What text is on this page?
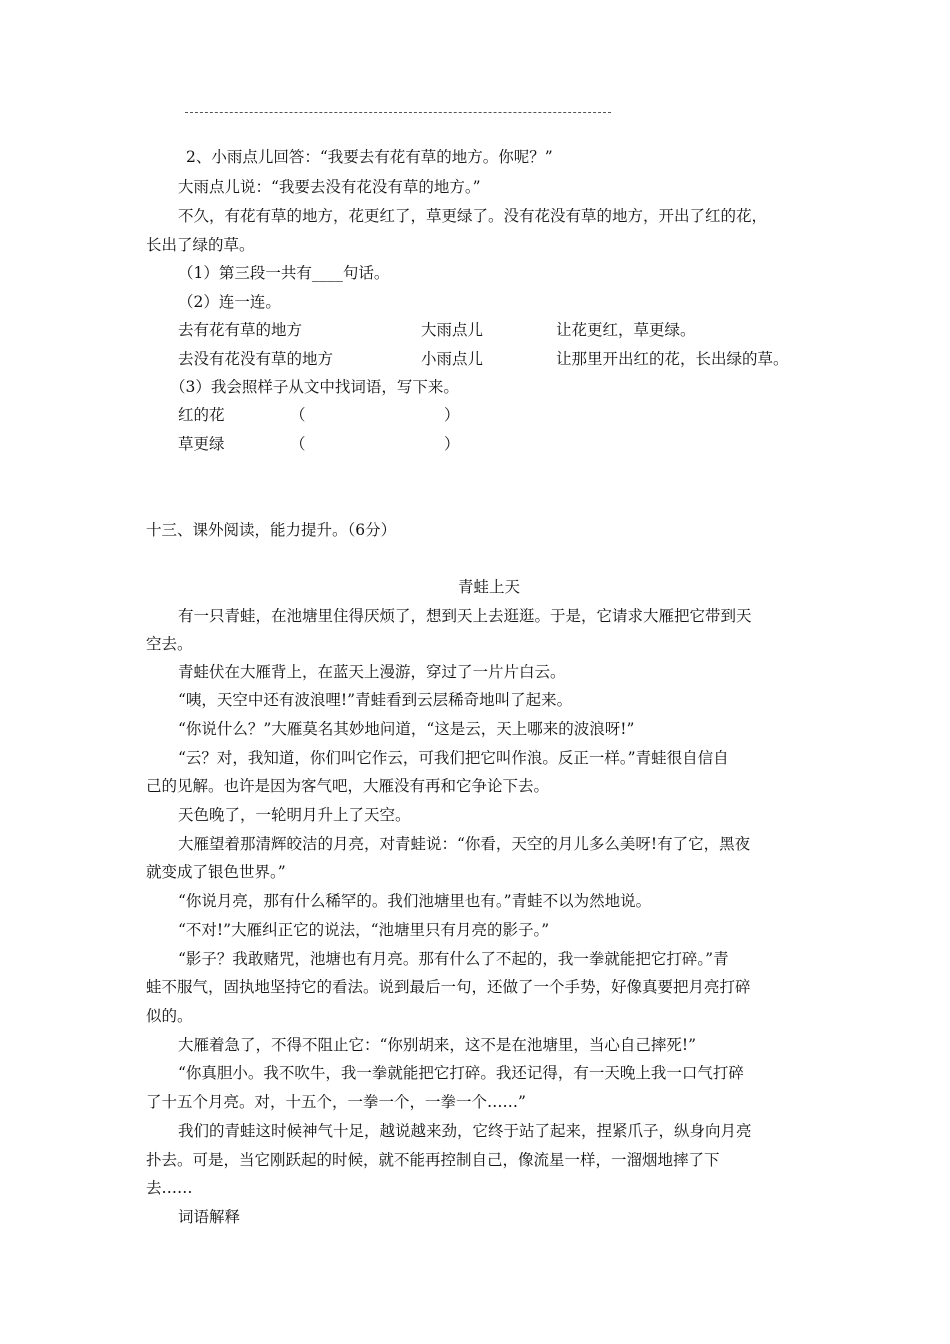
2、小雨点儿回答：“我要去有花有草的地方。你呢？”
大雨点儿说：“我要去没有花没有草的地方。”
不久，有花有草的地方，花更红了，草更绿了。没有花没有草的地方，开出了红的花，
长出了绿的草。
（1）第三段一共有____句话。
（2）连一连。
去有花有草的地方	大雨点儿	让花更红，草更绿。
去没有花没有草的地方	小雨点儿	让那里开出红的花，长出绿的草。
（3）我会照样子从文中找词语，写下来。
红的花	（	）
草更绿	（	）
十三、课外阅读，能力提升。（6分）
青蛙上天
有一只青蛙，在池塘里住得厌烦了，想到天上去逛逛。于是，它请求大雁把它带到天
空去。
青蛙伏在大雁背上，在蓝天上漫游，穿过了一片片白云。
“咦，天空中还有波浪哩!”青蛙看到云层稀奇地叫了起来。
“你说什么？”大雁莫名其妙地问道，“这是云，天上哪来的波浪呀!”
“云？对，我知道，你们叫它作云，可我们把它叫作浪。反正一样。”青蛙很自信自
己的见解。也许是因为客气吧，大雁没有再和它争论下去。
天色晚了，一轮明月升上了天空。
大雁望着那清辉皎洁的月亮，对青蛙说：“你看，天空的月儿多么美呀!有了它，黑夜
就变成了银色世界。”
“你说月亮，那有什么稀罕的。我们池塘里也有。”青蛙不以为然地说。
“不对!”大雁纠正它的说法，“池塘里只有月亮的影子。”
“影子？我敢赌咒，池塘也有月亮。那有什么了不起的，我一拳就能把它打碎。”青
蛙不服气，固执地坚持它的看法。说到最后一句，还做了一个手势，好像真要把月亮打碎
似的。
大雁着急了，不得不阻止它：“你别胡来，这不是在池塘里，当心自己摔死!”
“你真胆小。我不吹牛，我一拳就能把它打碎。我还记得，有一天晚上我一口气打碎
了十五个月亮。对，十五个，一拳一个，一拳一个……”
我们的青蛙这时候神气十足，越说越来劲，它终于站了起来，捏紧爪子，纵身向月亮
扑去。可是，当它刚跃起的时候，就不能再控制自己，像流星一样，一溜烟地摔了下
去……
词语解释
